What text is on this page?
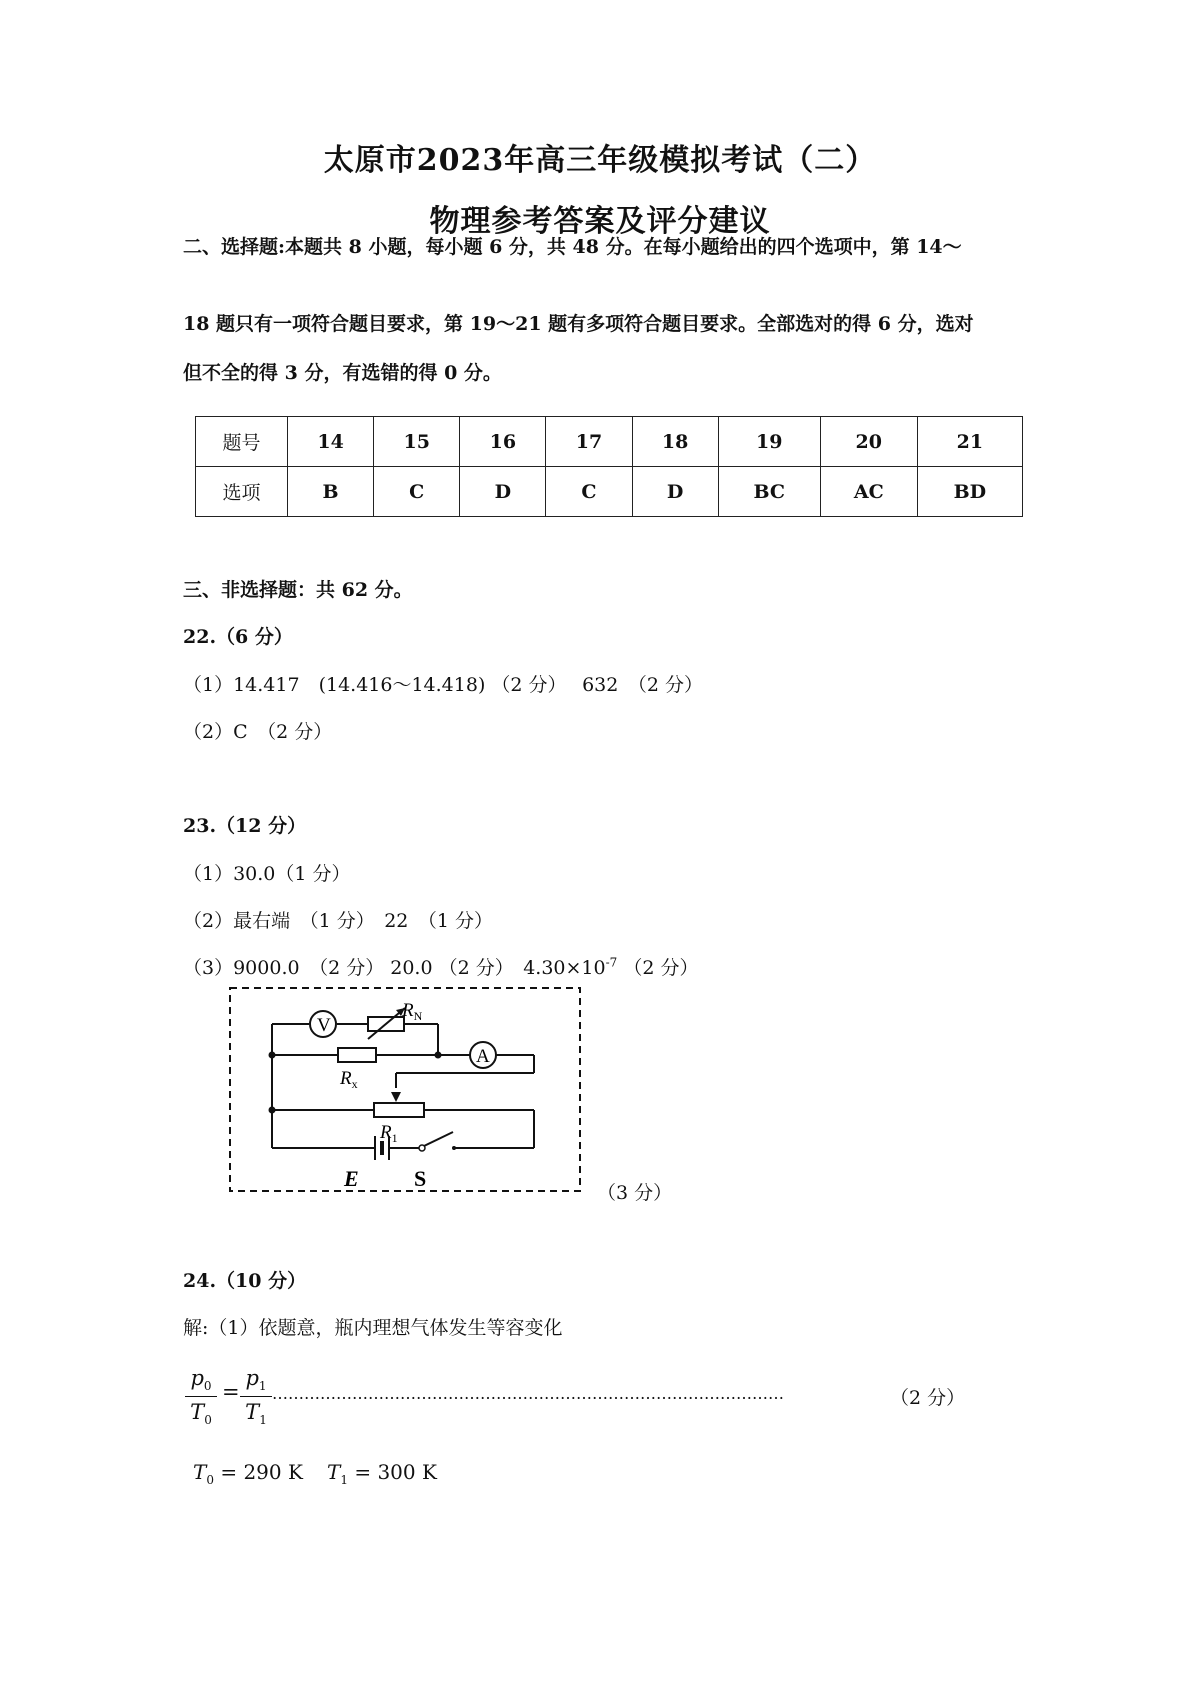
太原市2023年高三年级模拟考试（二）
物理参考答案及评分建议
二、选择题:本题共 8 小题，每小题 6 分，共 48 分。在每小题给出的四个选项中，第 14～
18 题只有一项符合题目要求，第 19～21 题有多项符合题目要求。全部选对的得 6 分，选对
但不全的得 3 分，有选错的得 0 分。
题号	14	15	16	17	18	19	20	21
选项	B	C	D	C	D	BC	AC	BD
三、非选择题：共 62 分。
22.（6 分）
（1）14.417　(14.416～14.418) （2 分）　 632　（2 分）
（2）C　（2 分）
23.（12 分）
（1）30.0（1 分）
（2）最右端　（1 分）　22　（1 分）
（3）9000.0　（2 分） 20.0 （2 分）　$4.30\times 10^{-7}$ （2 分）
V
$R_N$
$R_x$
A
$R_1$
E	S
（3 分）
24.（10 分）
解:（1）依题意，瓶内理想气体发生等容变化
$p_0$
$T_0$
=
$p_1$
$T_1$
……………………………………………………………………………………	（2 分）
$T_0 = 290$ K $T_1 = 300$ K
